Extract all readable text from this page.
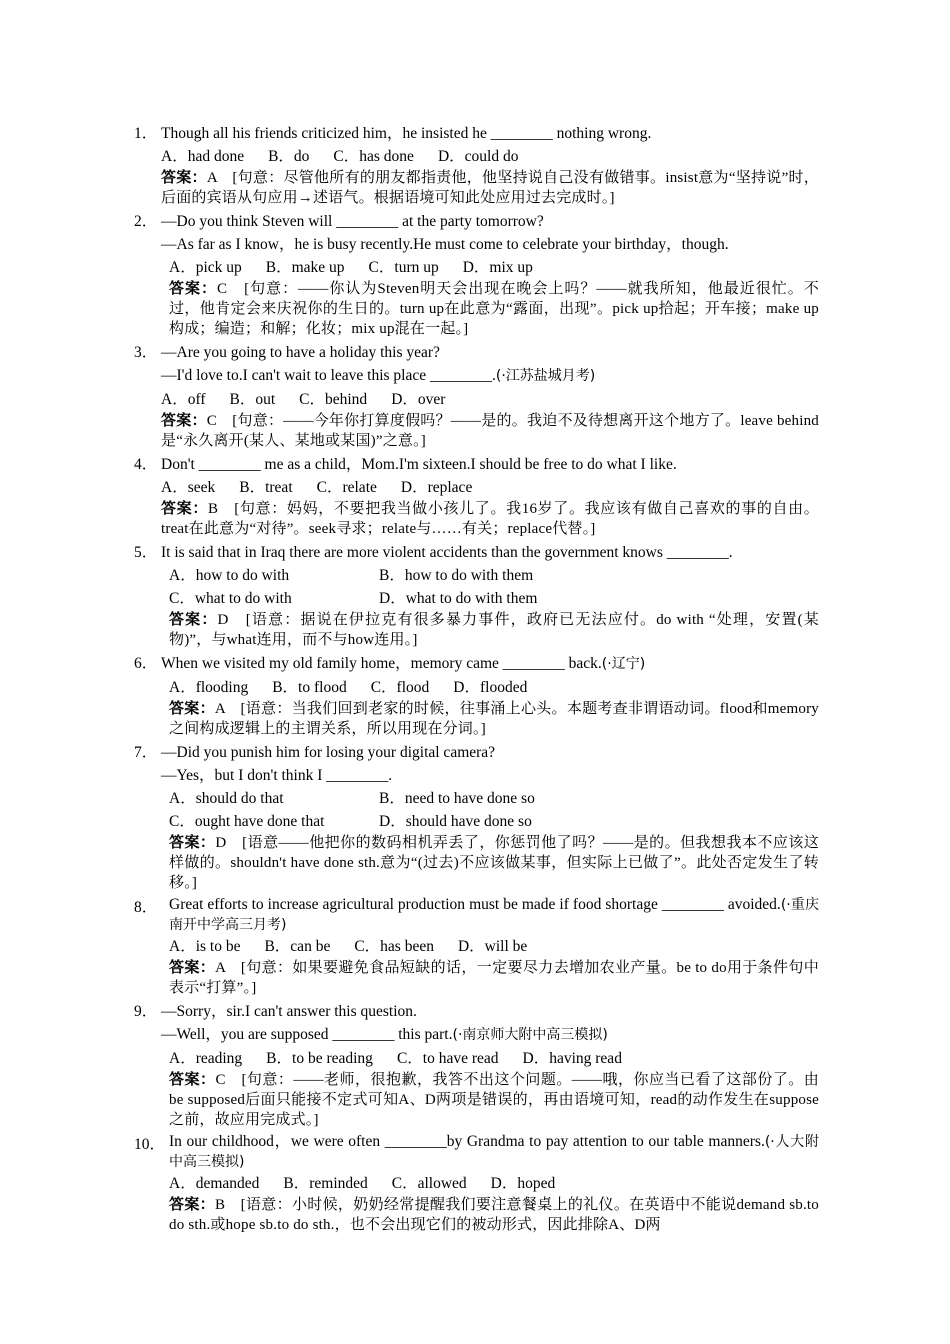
1． Though all his friends criticized him，he insisted he ________ nothing wrong.
A．had done B．do C．has done D．could do
答案：A　[句意：尽管他所有的朋友都指责他，他坚持说自己没有做错事。insist意为“坚持说”时，后面的宾语从句应用→述语气。根据语境可知此处应用过去完成时。]
2． —Do you think Steven will ________ at the party tomorrow?
—As far as I know，he is busy recently.He must come to celebrate your birthday，though.
A．pick up B．make up C．turn up D．mix up
答案：C　[句意：——你认为Steven明天会出现在晚会上吗？——就我所知，他最近很忙。不过，他肯定会来庆祝你的生日的。turn up在此意为“露面，出现”。pick up拾起；开车接；make up构成；编造；和解；化妆；mix up混在一起。]
3． —Are you going to have a holiday this year?
—I'd love to.I can't wait to leave this place ________.(·江苏盐城月考)
A．off B．out C．behind D．over
答案：C　[句意：——今年你打算度假吗？——是的。我迫不及待想离开这个地方了。leave behind是“永久离开(某人、某地或某国)”之意。]
4． Don't ________ me as a child，Mom.I'm sixteen.I should be free to do what I like.
A．seek B．treat C．relate D．replace
答案：B　[句意：妈妈，不要把我当做小孩儿了。我16岁了。我应该有做自己喜欢的事的自由。treat在此意为“对待”。seek寻求；relate与……有关；replace代替。]
5． It is said that in Iraq there are more violent accidents than the government knows ________.
A．how to do with	B．how to do with them
C．what to do with	D．what to do with them
答案：D　[语意：据说在伊拉克有很多暴力事件，政府已无法应付。do with “处理，安置(某物)”，与what连用，而不与how连用。]
6． When we visited my old family home，memory came ________ back.(·辽宁)
A．flooding B．to flood C．flood D．flooded
答案：A　[语意：当我们回到老家的时候，往事涌上心头。本题考查非谓语动词。flood和memory之间构成逻辑上的主谓关系，所以用现在分词。]
7． —Did you punish him for losing your digital camera?
—Yes，but I don't think I ________.
A．should do that	B．need to have done so
C．ought have done that	D．should have done so
答案：D　[语意——他把你的数码相机弄丢了，你惩罚他了吗？——是的。但我想我本不应该这样做的。shouldn't have done sth.意为“(过去)不应该做某事，但实际上已做了”。此处否定发生了转移。]
8． Great efforts to increase agricultural production must be made if food shortage ________ avoided.(·重庆南开中学高三月考)
A．is to be B．can be C．has been D．will be
答案：A　[句意：如果要避免食品短缺的话，一定要尽力去增加农业产量。be to do用于条件句中表示“打算”。]
9． —Sorry，sir.I can't answer this question.
—Well，you are supposed ________ this part.(·南京师大附中高三模拟)
A．reading B．to be reading C．to have read D．having read
答案：C　[句意：——老师，很抱歉，我答不出这个问题。——哦，你应当已看了这部份了。由be supposed后面只能接不定式可知A、D两项是错误的，再由语境可知，read的动作发生在suppose之前，故应用完成式。]
10． In our childhood，we were often ________by Grandma to pay attention to our table manners.(·人大附中高三模拟)
A．demanded B．reminded C．allowed D．hoped
答案：B　[语意：小时候，奶奶经常提醒我们要注意餐桌上的礼仪。在英语中不能说demand sb.to do sth.或hope sb.to do sth.，也不会出现它们的被动形式，因此排除A、D两
